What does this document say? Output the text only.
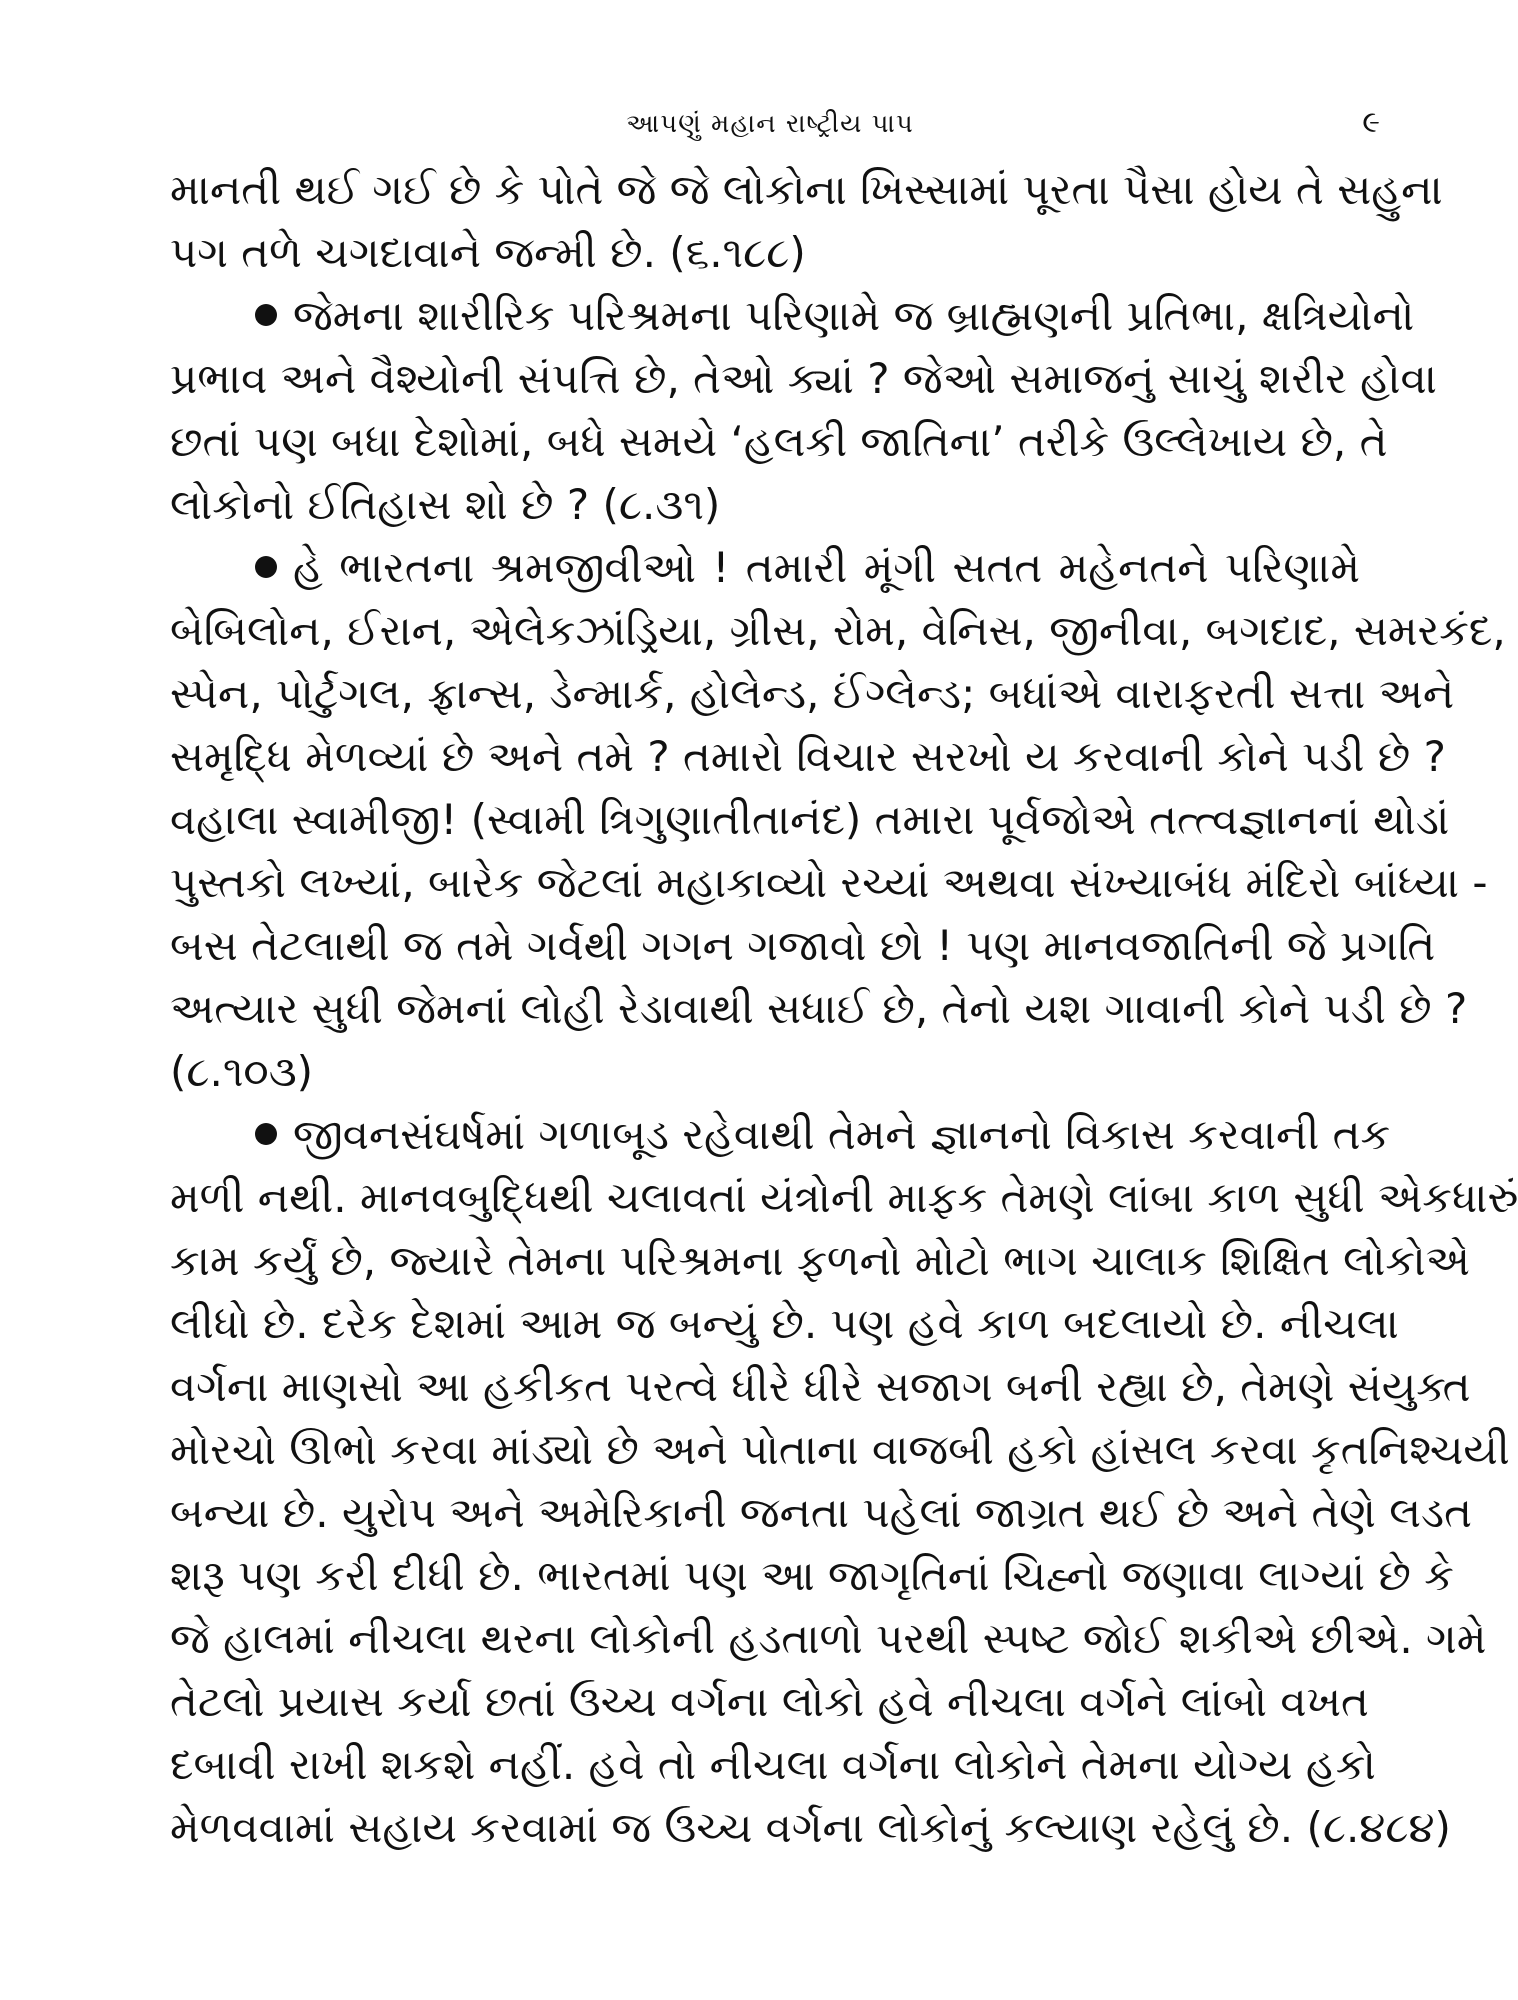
આપણું મહાન રાષ્ટ્રીય પાપ	૯
માનતી થઈ ગઈ છે કે પોતે જે જે લોકોના ખિસ્સામાં પૂરતા પૈસા હોય તે સહુના
પગ તળે ચગદાવાને જન્મી છે. (૬.૧૮૮)
જેમના શારીરિક પરિશ્રમના પરિણામે જ બ્રાહ્મણની પ્રતિભા, ક્ષત્રિયોનો
પ્રભાવ અને વૈશ્યોની સંપત્તિ છે, તેઓ ક્યાં ? જેઓ સમાજનું સાચું શરીર હોવા
છતાં પણ બધા દેશોમાં, બધે સમયે ‘હલકી જાતિના’ તરીકે ઉલ્લેખાય છે, તે
લોકોનો ઈતિહાસ શો છે ? (૮.૩૧)
હે ભારતના શ્રમજીવીઓ ! તમારી મૂંગી સતત મહેનતને પરિણામે
બેબિલોન, ઈરાન, એલેકઝાંડ્રિયા, ગ્રીસ, રોમ, વેનિસ, જીનીવા, બગદાદ, સમરકંદ,
સ્પેન, પોર્ટુગલ, ફ્રાન્સ, ડેન્માર્ક, હોલેન્ડ, ઈંગ્લેન્ડ; બધાંએ વારાફરતી સત્તા અને
સમૃદ્ધિ મેળવ્યાં છે અને તમે ? તમારો વિચાર સરખો ય કરવાની કોને પડી છે ?
વહાલા સ્વામીજી! (સ્વામી ત્રિગુણાતીતાનંદ) તમારા પૂર્વજોએ તત્ત્વજ્ઞાનનાં થોડાં
પુસ્તકો લખ્યાં, બારેક જેટલાં મહાકાવ્યો રચ્યાં અથવા સંખ્યાબંધ મંદિરો બાંધ્યા -
બસ તેટલાથી જ તમે ગર્વથી ગગન ગજાવો છો ! પણ માનવજાતિની જે પ્રગતિ
અત્યાર સુધી જેમનાં લોહી રેડાવાથી સધાઈ છે, તેનો યશ ગાવાની કોને પડી છે ?
(૮.૧૦૩)
જીવનસંઘર્ષમાં ગળાબૂડ રહેવાથી તેમને જ્ઞાનનો વિકાસ કરવાની તક
મળી નથી. માનવબુદ્ધિથી ચલાવતાં યંત્રોની માફક તેમણે લાંબા કાળ સુધી એકધારું
કામ કર્યું છે, જ્યારે તેમના પરિશ્રમના ફળનો મોટો ભાગ ચાલાક શિક્ષિત લોકોએ
લીધો છે. દરેક દેશમાં આમ જ બન્યું છે. પણ હવે કાળ બદલાયો છે. નીચલા
વર્ગના માણસો આ હકીકત પરત્વે ધીરે ધીરે સજાગ બની રહ્યા છે, તેમણે સંયુક્ત
મોરચો ઊભો કરવા માંડ્યો છે અને પોતાના વાજબી હકો હાંસલ કરવા કૃતનિશ્ચયી
બન્યા છે. યુરોપ અને અમેરિકાની જનતા પહેલાં જાગ્રત થઈ છે અને તેણે લડત
શરૂ પણ કરી દીધી છે. ભારતમાં પણ આ જાગૃતિનાં ચિહ્નો જણાવા લાગ્યાં છે કે
જે હાલમાં નીચલા થરના લોકોની હડતાળો પરથી સ્પષ્ટ જોઈ શકીએ છીએ. ગમે
તેટલો પ્રયાસ કર્યા છતાં ઉચ્ચ વર્ગના લોકો હવે નીચલા વર્ગને લાંબો વખત
દબાવી રાખી શકશે નહીં. હવે તો નીચલા વર્ગના લોકોને તેમના યોગ્ય હકો
મેળવવામાં સહાય કરવામાં જ ઉચ્ચ વર્ગના લોકોનું કલ્યાણ રહેલું છે. (૮.૪૮૪)
